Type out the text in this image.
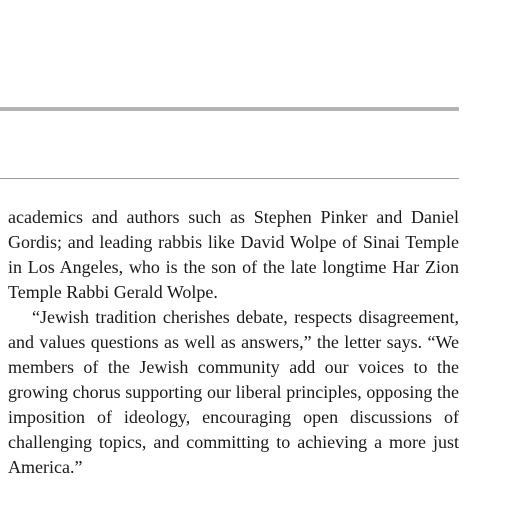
academics and authors such as Stephen Pinker and Daniel Gordis; and leading rabbis like David Wolpe of Sinai Temple in Los Angeles, who is the son of the late longtime Har Zion Temple Rabbi Gerald Wolpe.

“Jewish tradition cherishes debate, respects disagreement, and values questions as well as answers,” the letter says. “We members of the Jewish community add our voices to the growing chorus supporting our liberal principles, opposing the imposition of ideology, encouraging open discussions of challenging topics, and committing to achieving a more just America.”
